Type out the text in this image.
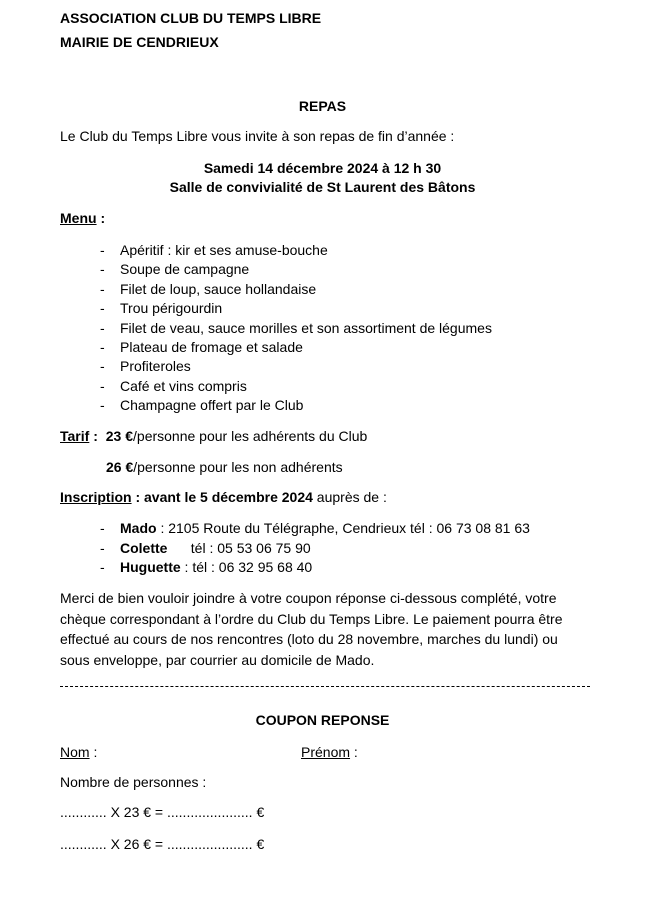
ASSOCIATION CLUB DU TEMPS LIBRE
MAIRIE DE CENDRIEUX
REPAS
Le Club du Temps Libre vous invite à son repas de fin d’année :
Samedi 14 décembre 2024 à 12 h 30
Salle de convivialité de St Laurent des Bâtons
Menu :
- Apéritif : kir et ses amuse-bouche
- Soupe de campagne
- Filet de loup, sauce hollandaise
- Trou périgourdin
- Filet de veau, sauce morilles et son assortiment de légumes
- Plateau de fromage et salade
- Profiteroles
- Café et vins compris
- Champagne offert par le Club
Tarif : 23 €/personne pour les adhérents du Club
26 €/personne pour les non adhérents
Inscription : avant le 5 décembre 2024 auprès de :
- Mado : 2105 Route du Télégraphe, Cendrieux tél : 06 73 08 81 63
- Colette      tél : 05 53 06 75 90
- Huguette : tél : 06 32 95 68 40
Merci de bien vouloir joindre à votre coupon réponse ci-dessous complété, votre chèque correspondant à l’ordre du Club du Temps Libre. Le paiement pourra être effectué au cours de nos rencontres (loto du 28 novembre, marches du lundi) ou sous enveloppe, par courrier au domicile de Mado.
COUPON REPONSE
Nom :	Prénom :
Nombre de personnes :
............ X 23 € = ...................... €
............ X 26 € = ...................... €
